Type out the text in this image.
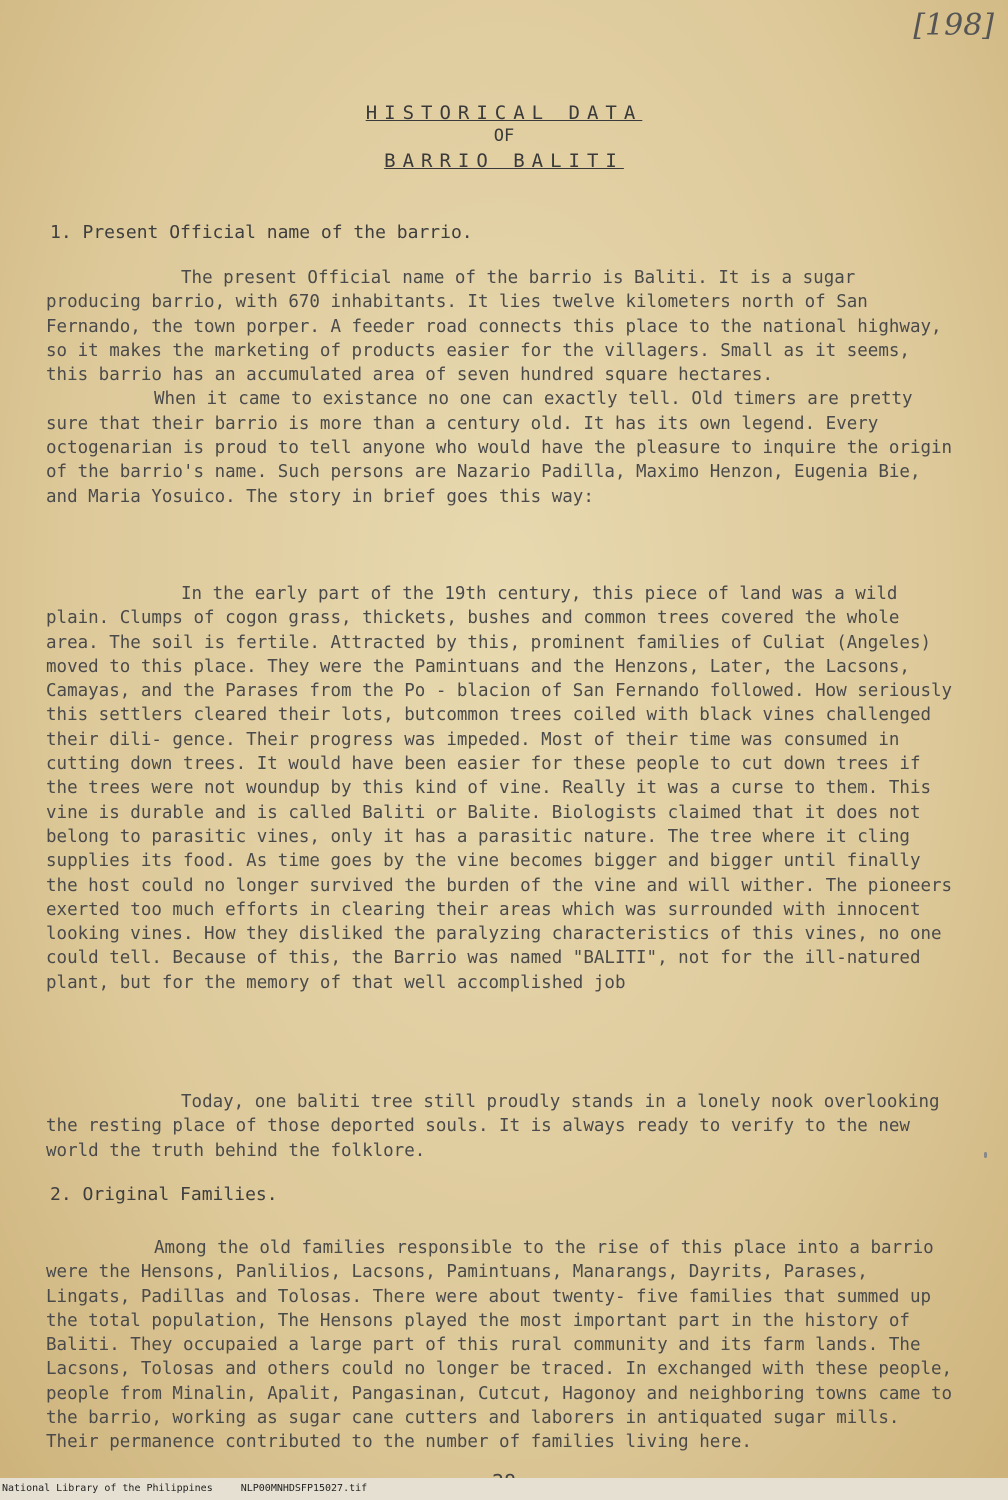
[198]
HISTORICAL DATA
OF
BARRIO BALITI
1. Present Official name of the barrio.

The present Official name of the barrio is Baliti. It is a sugar producing barrio, with 670 inhabitants. It lies twelve kilometers north of San Fernando, the town porper. A feeder road connects this place to the national highway, so it makes the marketing of products easier for the villagers. Small as it seems, this barrio has an accumulated area of seven hundred square hectares.

When it came to existance no one can exactly tell. Old timers are pretty sure that their barrio is more than a century old. It has its own legend. Every octogenarian is proud to tell anyone who would have the pleasure to inquire the origin of the barrio's name. Such persons are Nazario Padilla, Maximo Henzon, Eugenia Bie, and Maria Yosuico. The story in brief goes this way:

In the early part of the 19th century, this piece of land was a wild plain. Clumps of cogon grass, thickets, bushes and common trees covered the whole area. The soil is fertile. Attracted by this, prominent families of Culiat (Angeles) moved to this place. They were the Pamintuans and the Henzons, Later, the Lacsons, Camayas, and the Parases from the Po - blacion of San Fernando followed. How seriously this settlers cleared their lots, butcommon trees coiled with black vines challenged their dili- gence. Their progress was impeded. Most of their time was consumed in cutting down trees. It would have been easier for these people to cut down trees if the trees were not woundup by this kind of vine. Really it was a curse to them. This vine is durable and is called Baliti or Balite. Biologists claimed that it does not belong to parasitic vines, only it has a parasitic nature. The tree where it cling supplies its food. As time goes by the vine becomes bigger and bigger until finally the host could no longer survived the burden of the vine and will wither. The pioneers exerted too much efforts in clearing their areas which was surrounded with innocent looking vines. How they disliked the paralyzing characteristics of this vines, no one could tell. Because of this, the Barrio was named "BALITI", not for the ill-natured plant, but for the memory of that well accomplished job

Today, one baliti tree still proudly stands in a lonely nook overlooking the resting place of those deported souls. It is always ready to verify to the new world the truth behind the folklore.

2. Original Families.

Among the old families responsible to the rise of this place into a barrio were the Hensons, Panlilios, Lacsons, Pamintuans, Manarangs, Dayrits, Parases, Lingats, Padillas and Tolosas. There were about twenty- five families that summed up the total population, The Hensons played the most important part in the history of Baliti. They occupaied a large part of this rural community and its farm lands. The Lacsons, Tolosas and others could no longer be traced. In exchanged with these people, people from Minalin, Apalit, Pangasinan, Cutcut, Hagonoy and neighboring towns came to the barrio, working as sugar cane cutters and laborers in antiquated sugar mills. Their permanence contributed to the number of families living here.

National Library of the Philippines	NLP00MNHDSFP15027.tif
